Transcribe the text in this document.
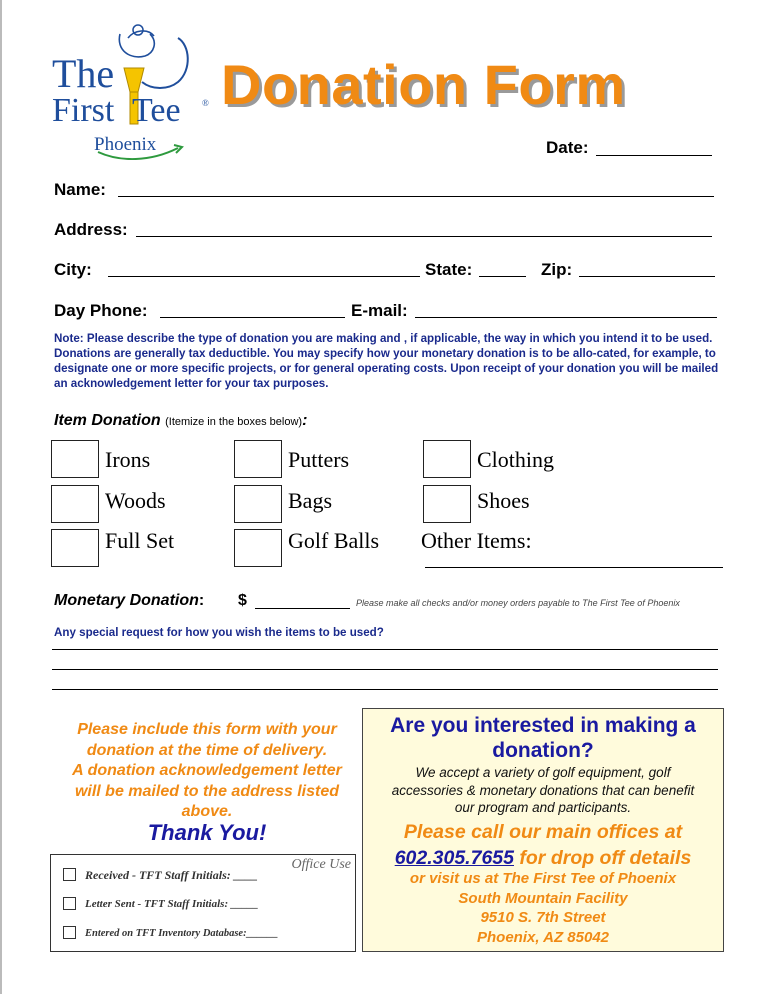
The
First Tee ®
Phoenix
Donation Form
Date:
Name:
Address:
City:	State:	Zip:
Day Phone:	E-mail:
Note: Please describe the type of donation you are making and , if applicable, the way in which you intend it to be used. Donations are generally tax deductible. You may specify how your monetary donation is to be allo-cated, for example, to designate one or more specific projects, or for general operating costs. Upon receipt of your donation you will be mailed an acknowledgement letter for your tax purposes.
Item Donation (Itemize in the boxes below):
Irons	Putters	Clothing
Woods	Bags	Shoes
Full Set	Golf Balls Other Items:
Monetary Donation: $	Please make all checks and/or money orders payable to The First Tee of Phoenix
Any special request for how you wish the items to be used?
Please include this form with your
donation at the time of delivery.
A donation acknowledgement letter
will be mailed to the address listed
above.
Thank You!
Office Use
Received - TFT Staff Initials: ____
Letter Sent - TFT Staff Initials: _____
Entered on TFT Inventory Database:______
Are you interested in making a
donation?
We accept a variety of golf equipment, golf
accessories & monetary donations that can benefit
our program and participants.
Please call our main offices at
602.305.7655 for drop off details
or visit us at The First Tee of Phoenix
South Mountain Facility
9510 S. 7th Street
Phoenix, AZ 85042
